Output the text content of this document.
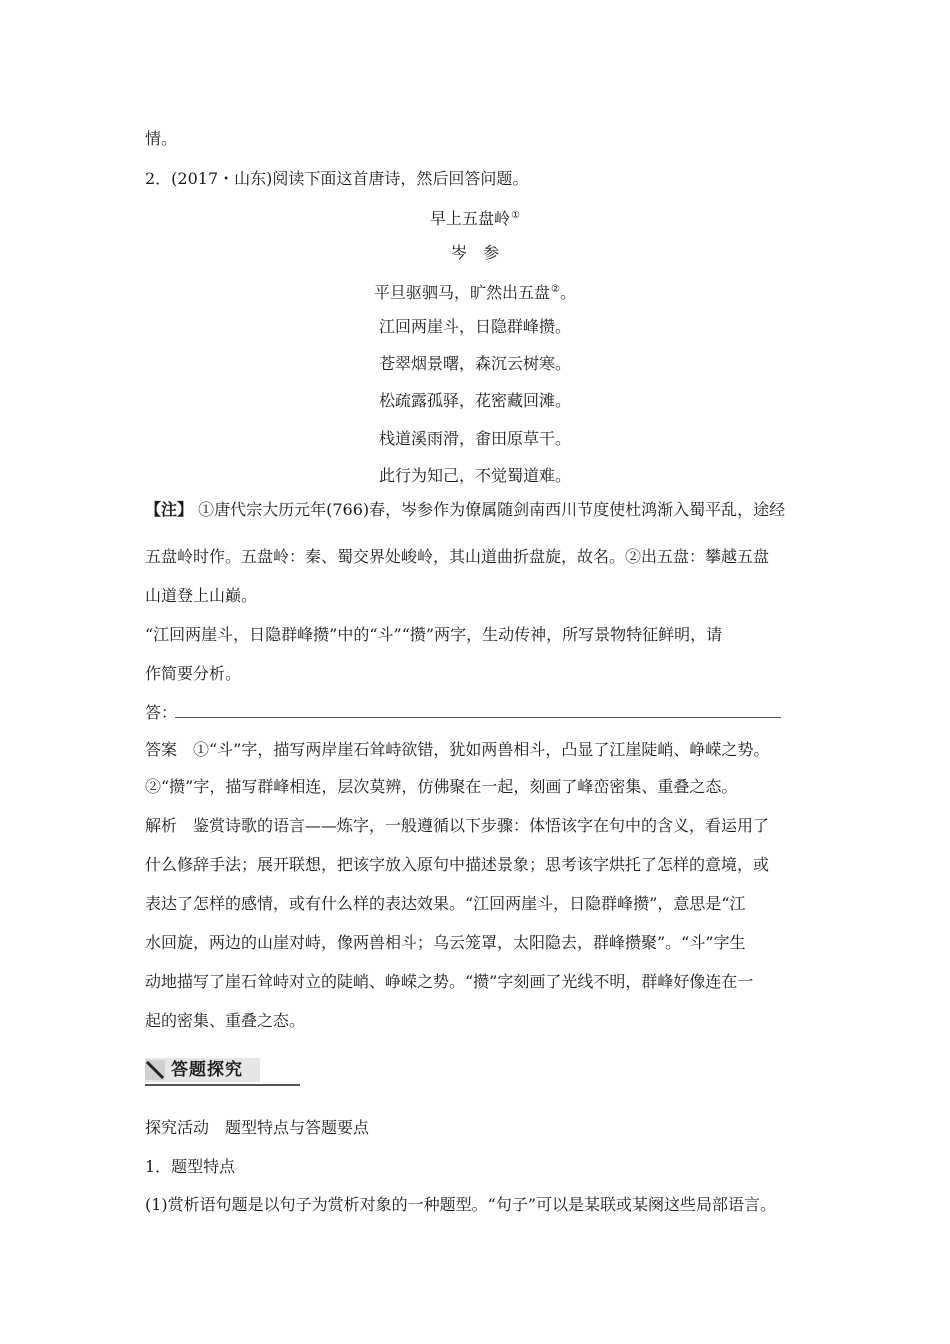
情。
2．(2017・山东)阅读下面这首唐诗，然后回答问题。
早上五盘岭①
岑　参
平旦驱驷马，旷然出五盘②。
江回两崖斗，日隐群峰攒。
苍翠烟景曙，森沉云树寒。
松疏露孤驿，花密藏回滩。
栈道溪雨滑，畬田原草干。
此行为知己，不觉蜀道难。
【注】 ①唐代宗大历元年(766)春，岑参作为僚属随剑南西川节度使杜鸿渐入蜀平乱，途经
五盘岭时作。五盘岭：秦、蜀交界处峻岭，其山道曲折盘旋，故名。②出五盘：攀越五盘
山道登上山巅。
“江回两崖斗，日隐群峰攒”中的“斗”“攒”两字，生动传神，所写景物特征鲜明，请
作简要分析。
答：
答案　①“斗”字，描写两岸崖石耸峙欲错，犹如两兽相斗，凸显了江崖陡峭、峥嵘之势。
②“攒”字，描写群峰相连，层次莫辨，仿佛聚在一起，刻画了峰峦密集、重叠之态。
解析　鉴赏诗歌的语言——炼字，一般遵循以下步骤：体悟该字在句中的含义，看运用了
什么修辞手法；展开联想，把该字放入原句中描述景象；思考该字烘托了怎样的意境，或
表达了怎样的感情，或有什么样的表达效果。“江回两崖斗，日隐群峰攒”，意思是“江
水回旋，两边的山崖对峙，像两兽相斗；乌云笼罩，太阳隐去，群峰攒聚”。“斗”字生
动地描写了崖石耸峙对立的陡峭、峥嵘之势。“攒”字刻画了光线不明，群峰好像连在一
起的密集、重叠之态。
答题探究
探究活动　题型特点与答题要点
1．题型特点
(1)赏析语句题是以句子为赏析对象的一种题型。“句子”可以是某联或某阕这些局部语言。
